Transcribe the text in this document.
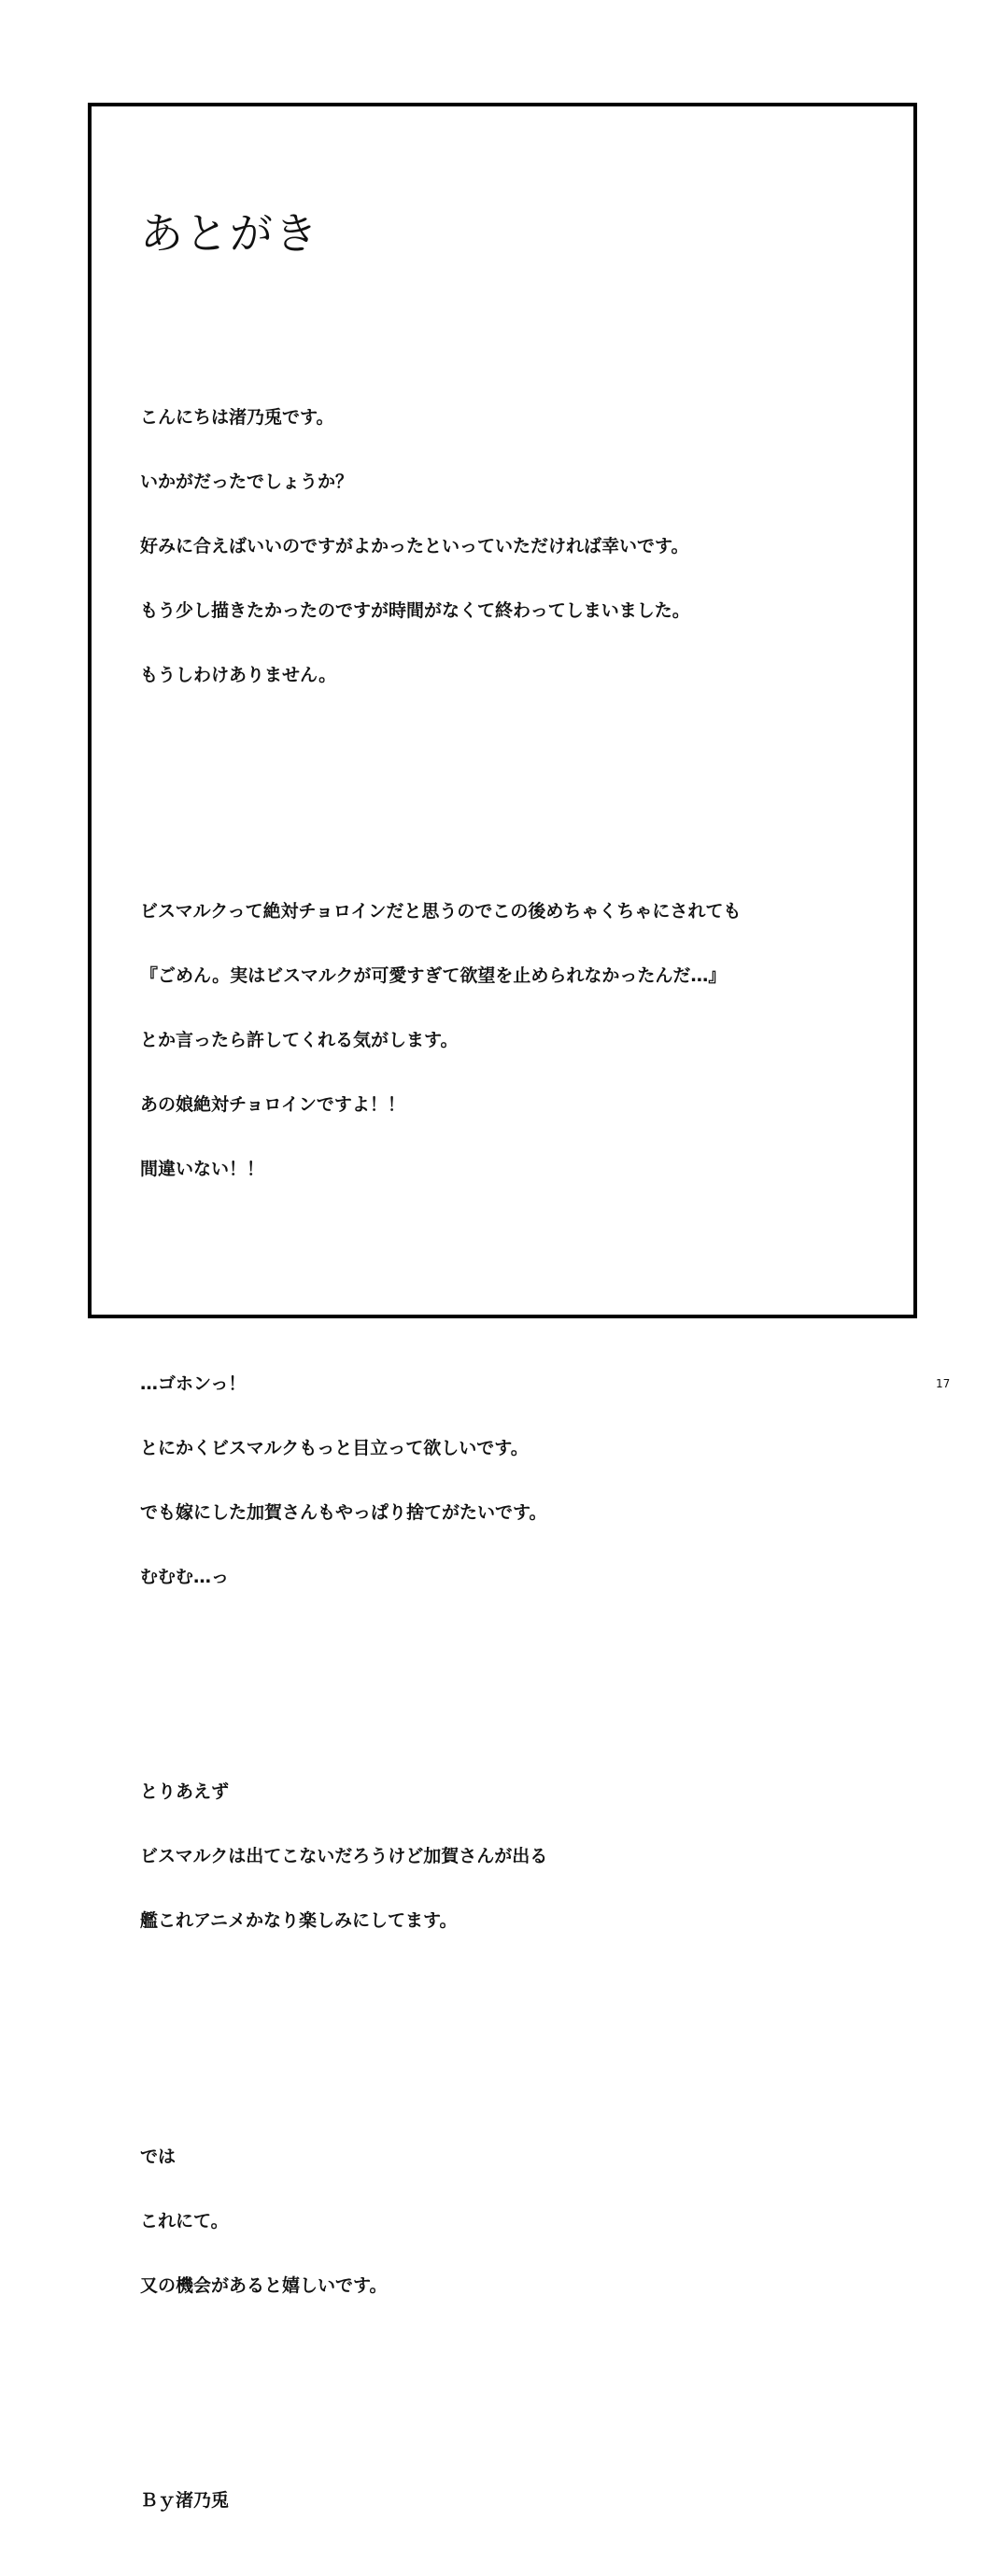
あとがき

こんにちは渚乃兎です。

いかがだったでしょうか？

好みに合えばいいのですがよかったといっていただければ幸いです。

もう少し描きたかったのですが時間がなくて終わってしまいました。

もうしわけありません。

ビスマルクって絶対チョロインだと思うのでこの後めちゃくちゃにされても

『ごめん。実はビスマルクが可愛すぎて欲望を止められなかったんだ…』

とか言ったら許してくれる気がします。

あの娘絶対チョロインですよ！！

間違いない！！

…ゴホンっ！

とにかくビスマルクもっと目立って欲しいです。

でも嫁にした加賀さんもやっぱり捨てがたいです。

むむむ…っ

とりあえず

ビスマルクは出てこないだろうけど加賀さんが出る

艦これアニメかなり楽しみにしてます。

では

これにて。

又の機会があると嬉しいです。

Ｂｙ渚乃兎

17
